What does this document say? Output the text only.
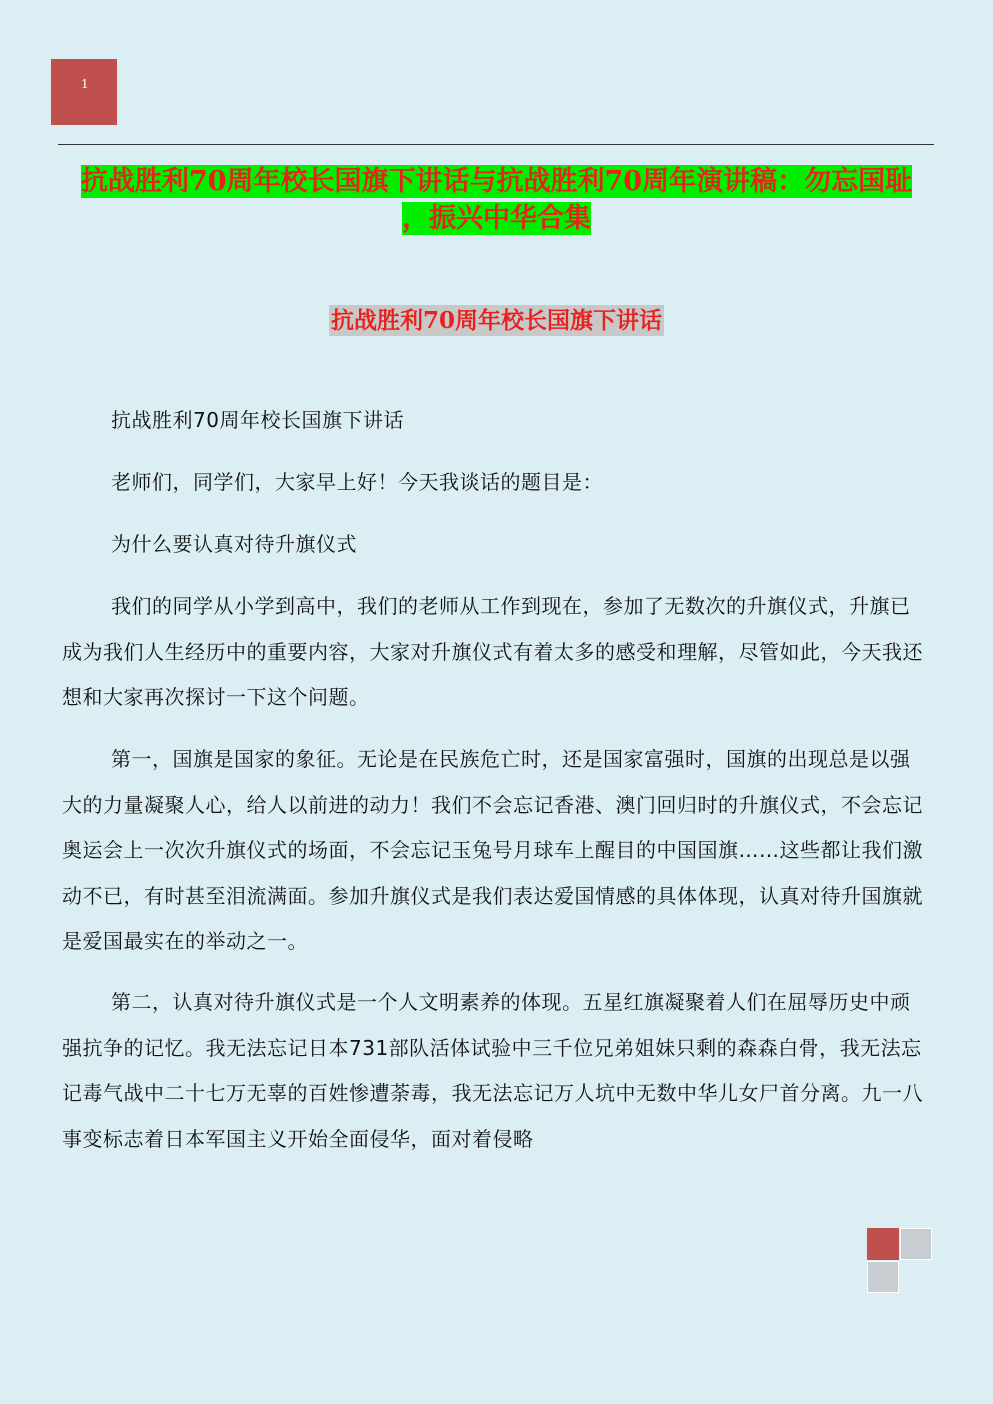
1
抗战胜利70周年校长国旗下讲话与抗战胜利70周年演讲稿：勿忘国耻
，振兴中华合集
抗战胜利70周年校长国旗下讲话

抗战胜利70周年校长国旗下讲话

老师们，同学们，大家早上好！今天我谈话的题目是：

为什么要认真对待升旗仪式

我们的同学从小学到高中，我们的老师从工作到现在，参加了无数次的升旗仪式，升旗已成为我们人生经历中的重要内容，大家对升旗仪式有着太多的感受和理解，尽管如此，今天我还想和大家再次探讨一下这个问题。

第一，国旗是国家的象征。无论是在民族危亡时，还是国家富强时，国旗的出现总是以强大的力量凝聚人心，给人以前进的动力！我们不会忘记香港、澳门回归时的升旗仪式，不会忘记奥运会上一次次升旗仪式的场面，不会忘记玉兔号月球车上醒目的中国国旗……这些都让我们激动不已，有时甚至泪流满面。参加升旗仪式是我们表达爱国情感的具体体现，认真对待升国旗就是爱国最实在的举动之一。

第二，认真对待升旗仪式是一个人文明素养的体现。五星红旗凝聚着人们在屈辱历史中顽强抗争的记忆。我无法忘记日本731部队活体试验中三千位兄弟姐妹只剩的森森白骨，我无法忘记毒气战中二十七万无辜的百姓惨遭荼毒，我无法忘记万人坑中无数中华儿女尸首分离。九一八事变标志着日本军国主义开始全面侵华，面对着侵略
